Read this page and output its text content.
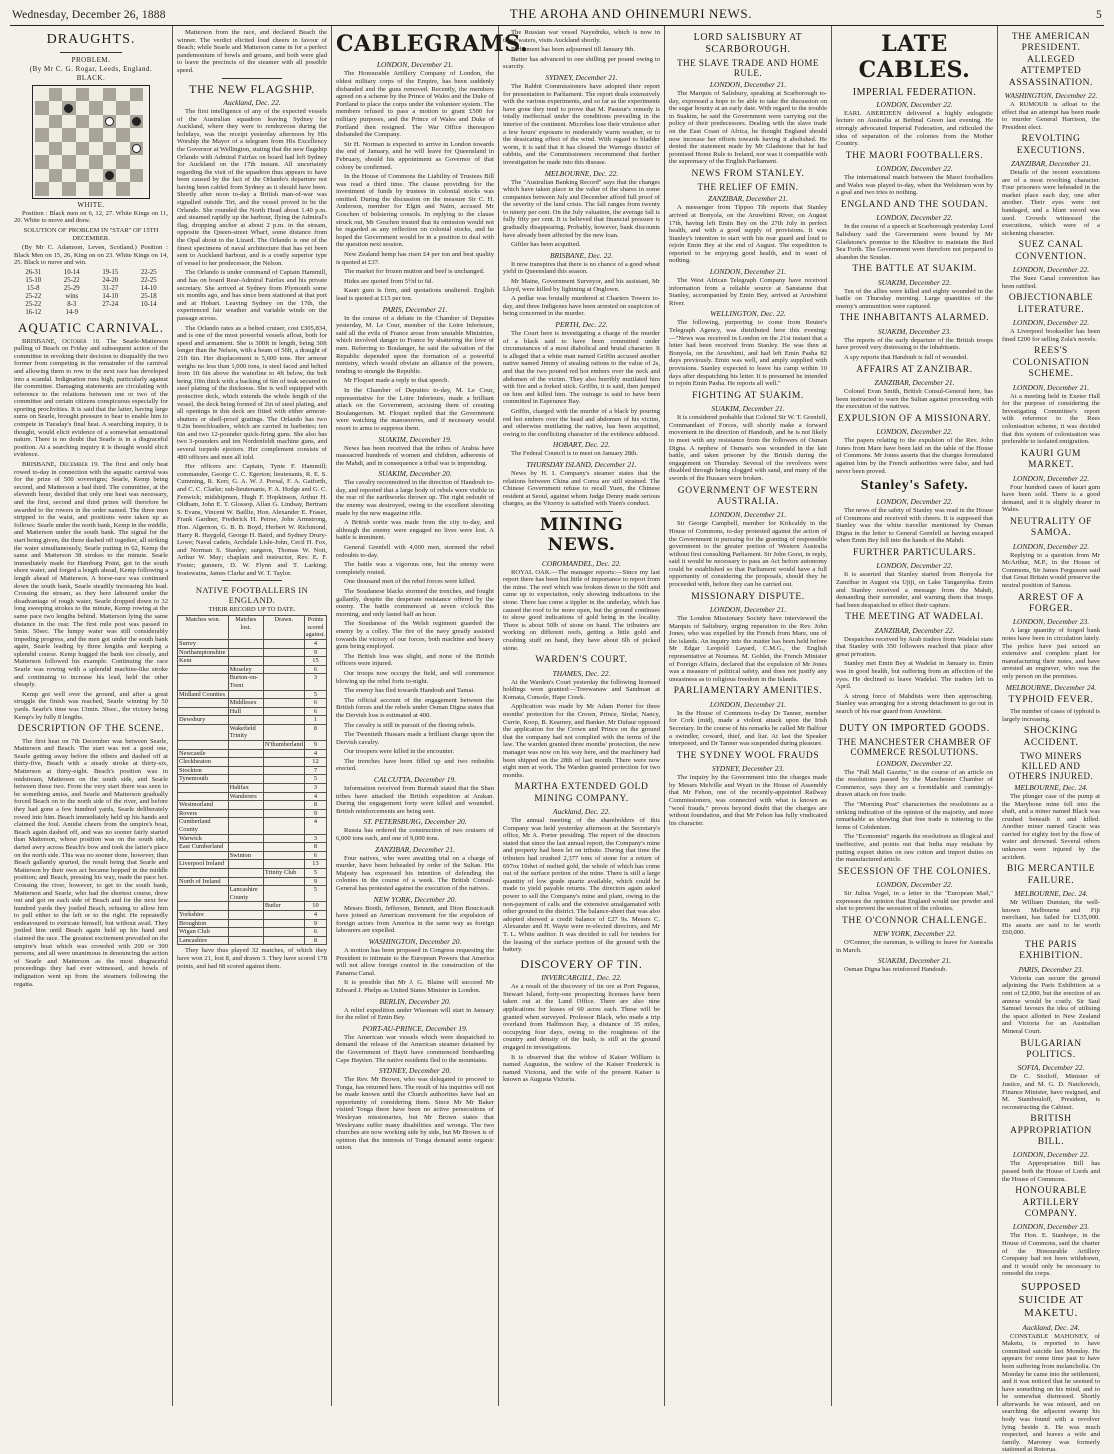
Wednesday, December 26, 1888	THE AROHA AND OHINEMURI NEWS.	5
DRAUGHTS.
PROBLEM.
(By Mr C. G. Rogar, Leeds, England.
BLACK.
WHITE.

Position : Black men on 6, 12, 27. White Kings on 11, 20. White to move and draw.

SOLUTION OF PROBLEM IN "STAR" OF 15TH DECEMBER.

(By Mr C. Adamson, Leven, Scotland.) Position : Black Men on 15, 26, King on on 23. White Kings on 14, 25. Black to move and win.

26-31	10-14	19-15	22-25
15-10	25-22	24-20	22-25
15-8	25-29	31-27	14-10
25-22	wins	14-10	25-18
25-22	8-3	27-24	10-14
16-12	14-9
AQUATIC CARNIVAL.

BRISBANE, October 10. The Searle-Matterson pulling of Beach on Friday and subsequent action of the committee in revoking their decision to disqualify the two former from competing in the remainder of the carnival and allowing them to row in the next race has developed into a scandal. Indignation runs high, particularly against the committee. Damaging statements are circulating with reference to the relations between one or two of the committee and certain citizens conspicuous especially for sporting proclivities. It is said that the latter, having large sums on Searle, brought pressure to bear to enable him to compete in Tuesday's final heat. A searching inquiry, it is thought, would elicit evidence of a somewhat sensational nature. There is no doubt that Searle is in a disgraceful position. At a searching inquiry it is thought would elicit evidence.

BRISBANE, December 19. The first and only heat rowed to-day in connection with the aquatic carnival was for the prize of 500 sovereigns; Searle, Kemp being second, and Matterson a bad third. The committee, at the eleventh hour, decided that only one heat was necessary, and the first, second and third prizes will therefore be awarded to the rowers in the order named. The three men stripped to the waist, and positions were taken up as follows: Searle under the north bank, Kemp in the middle, and Matterson under the south bank. The signal for the start being given, the three dashed off together, all striking the water simultaneously, Searle putting in 62, Kemp the same and Matterson 38 strokes to the minute. Searle immediately made for Hamburg Point, got in the south shore water, and forged a length ahead, Kemp following a length ahead of Matterson. A horse-race was continued down the south bank, Searle steadily increasing his lead. Crossing the stream, as they here laboured under the disadvantage of rough water, Searle dropped down to 32 long sweeping strokes to the minute, Kemp rowing at the same pace two lengths behind. Matterson lying the same distance in the rear. The first mile post was passed in 5min. 50sec. The lumpy water was still considerably impeding progress, and the men got under the south bank again, Searle leading by three lengths and keeping a splendid course. Kemp hugged the bank too closely, and Matterson followed his example. Continuing the race Searle was rowing with a splendid machine-like stroke and continuing to increase his lead, held the other cheaply.

Kemp got well over the ground, and after a great struggle the finish was reached, Searle winning by 50 yards. Searle's time was 13min. 30sec., the victory being Kemp's by fully 8 lengths.

DESCRIPTION OF THE SCENE.

The first heat on 7th December was between Searle, Matterson and Beach. The start was not a good one, Searle getting away before the others and dashed off at thirty-five, Beach with a steady stroke at thirty-six, Matterson at thirty-eight. Beach's position was in midstream, Matterson on the south side, and Searle between these two. From the very start there was seen to be something amiss, and Searle and Matterson gradually forced Beach on to the north side of the river, and before they had gone a few hundred yards, Searle deliberately rowed into him. Beach immediately held up his hands and claimed the foul. Amidst cheers from the umpire's boat, Beach again dashed off, and was no sooner fairly started than Matterson, whose position was on the south side, darted awry across Beach's bow and took the latter's place on the north side. This was no sooner done, however, than Beach gallantly spurted, the result being that Searle and Matterson by their own act became hopped in the middle position; and Beach, pressing his way, made the pace hot. Crossing the river, however, to get to the south bank, Matterson and Searle, who had the shortest course, drew out and got on each side of Beach and for the next few hundred yards they jostled Beach, refusing to allow him to pull either to the left or to the right. He repeatedly endeavoured to extricate himself, but without avail. They jostled him until Beach again held up his hand and claimed the race. The greatest excitement prevailed on the umpire's boat which was crowded with 200 or 300 persons, and all were unanimous in denouncing the action of Searle and Matterson as the most disgraceful proceedings they had ever witnessed, and howls of indignation went up from the steamers following the regatta.

Matterson from the race, and declared Beach the winner. The verdict elicited loud cheers in favour of Beach; while Searle and Matterson came in for a perfect pandemonium of howls and groans, and both were glad to leave the precincts of the steamer with all possible speed.

THE NEW FLAGSHIP.
Auckland, Dec. 22.

The first intelligence of any of the expected vessels of the Australian squadron leaving Sydney for Auckland, where they were to rendezvous during the holidays, was the receipt yesterday afternoon by His Worship the Mayor of a telegram from His Excellency the Governor at Wellington, stating that the new flagship Orlando with Admiral Fairfax on board had left Sydney for Auckland on the 17th instant. All uncertainty regarding the visit of the squadron thus appears to have been caused by the fact of the Orlando's departure not having been cabled from Sydney as it should have been. Shortly after noon to-day a British man-of-war was signalled outside Tiri, and the vessel proved to be the Orlando. She rounded the North Head about 1.40 p.m. and steamed rapidly up the harbour, flying the Admiral's flag, dropping anchor at about 2 p.m. in the stream, opposite the Queen-street Wharf, some distance from the Opal about to the Lizard. The Orlando is one of the finest specimens of naval architecture that has yet been sent to Auckland harbour, and is a costly superior type of vessel to her predecessor, the Nelson.

The Orlando is under command of Captain Hammill, and has on board Rear-Admiral Fairfax and his private secretary. She arrived at Sydney from Plymouth some six months ago, and has since been stationed at that port and at Hobart. Leaving Sydney on the 17th, the experienced fair weather and variable winds on the passage across.

The Orlando rates as a belted cruiser, cost £305,834, and is one of the most powerful vessels afloat, both for speed and armament. She is 300ft in length, being 30ft longer than the Nelson, with a beam of 56ft, a draught of 21ft 6in. Her displacement is 5,600 tons. Her armour weighs no less than 1,000 tons, is steel faced and belted from 1ft 6in above the waterline to 4ft below, the belt being 10in thick with a backing of 6in of teak secured in steel plating of the thickness. She is well equipped with protective deck, which extends the whole length of the vessel, the deck being formed of 2in of steel plating, and all openings in this deck are fitted with either armour-shutters or shell-proof gratings. The Orlando has two 9.2in breechloaders, which are carried in barbettes; ten 6in and two 12-pounder quick-firing guns. She also has two 3-pounders and ten Nordenfeldt machine guns, and several torpedo ejectors. Her complement consists of 480 officers and men all told.

Her officers are: Captain, Tynte F. Hammill; commander, George C. C. Egerton; lieutenants, R. E. S. Cumming, R. Kerr, G. A. W. J. Porsal, F. A. Gatforth, and C. C. Clarke; sub-lieutenants, F. A. Hodge and G. C. Fenwick; midshipmen, Hugh F. Hopkinson, Arthur H. Oldham, John E. T. Glossop, Allan G. Lindsay, Bertram S. Evans, Vincent W. Baillie, Hon. Alexander E. Fraser, Frank Gardner, Frederick H. Peirse, John Armstrong, Hon. Algernon, G. B. B. Boyd, Herbert W. Richmond, Harry R. Haygold, George H. Baird, and Sydney Drury-Lowe; Naval cadets, Archdale Lisle-John, Cecil H. Fox, and Norman S. Stanley; surgeon, Thomas W. Nott, Arthur W. May; chaplain and instructor, Rev. E. F. Foster; gunners, D. W. Flynn and T. Larking; boatswains, James Clarke and W. T. Taylor.

NATIVE FOOTBALLERS IN ENGLAND.
THEIR RECORD UP TO DATE.
Matches won.	Matches lost.	Drawn.	Points scored against.
Surrey			4
Northamptonshire			9
Kent			15
	Moseley		6
	Burton-on-Trent		3
Midland Counties			5
	Middlesex		6
	Hull		6
Dewsbury			1
	Wakefield Trinity		8
		N'thumberland	9
Newcastle			4
Cleckheaton			12
Stockton			7
Tynemouth			5
	Halifax		3
	Wanderers		4
Westmorland			8
Rovers			9
Cumberland County			4
Warwick			3
East Cumberland			8
	Swinton		6
Liverpool Ireland			13
		Trinity Club	5
North of Ireland			9
	Lancashire County		5
		Butler	10
Yorkshire			4
Broughton			9
Wigan Club			6
Lancashire			8

They have thus played 32 matches, of which they have won 21, lost 8, and drawn 3. They have scored 178 points, and had 68 scored against them.

CABLEGRAMS.
LONDON, December 21.

The Honourable Artillery Company of London, the oldest military corps of the Empire, has been suddenly disbanded and the guns removed. Recently, the members agreed on a scheme by the Prince of Wales and the Duke of Portland to place the corps under the volunteer system. The members refused to pass a motion to grant £500 for military purposes, and the Prince of Wales and Duke of Portland then resigned. The War Office thereupon disbanded the Company.

Sir H. Norman is expected to arrive in London towards the end of January, and he will leave for Queensland in February, should his appointment as Governor of that colony be confirmed.

In the House of Commons the Liability of Trustees Bill was read a third time. The clause providing for the investment of funds by trustees in colonial stocks was omitted. During the discussion on the measure Sir C. H. Anderson, member for Elgin and Nairn, accused Mr Goschen of bolstering consols. In replying to the clause struck out, Mr Goschen trusted that its omission would not be regarded as any reflection on colonial stocks, and he hoped the Government would be in a position to deal with the question next session.

New Zealand hemp has risen £4 per ton and best quality is quoted at £37.

The market for frozen mutton and beef is unchanged.

Hides are quoted from 5½d to 6d.

Kauri gum is firm, and quotations unaltered. English lead is quoted at £15 per ton.

PARIS, December 21.

In the course of a debate in the Chamber of Deputies yesterday, M. Le Cour, member of the Loire Inferieure, said all the evils of France arose from unstable Ministries, which involved danger to France by shattering the love of men. Referring to Boulanger, he said the salvation of the Republic depended upon the formation of a powerful ministry, which would obviate an alliance of the powers, tending to strangle the Republic.

Mr Floquet made a reply to that speech.

In the Chamber of Deputies to-day, M. Le Cour, representative for the Loire Inferieure, made a brilliant attack on the Government, accusing them of creating Boulangerism. M. Floquet replied that the Government were watching the manoeuvres, and if necessary would resort to arms to suppress them.

SUAKIM, December 19.

News has been received that the tribes of Arabia have massacred hundreds of women and children, adherents of the Mahdi, and in consequence a tribal war is impending.

SUAKIM, December 20.

The cavalry reconnoitred in the direction of Handoub to-day, and reported that a large body of rebels were visible in the rear of the earthworks thrown up. The right redoubt of the enemy was destroyed, owing to the excellent shooting made by the new magazine rifle.

A British sortie was made from the city to-day, and although the enemy were engaged no lives were lost. A battle is imminent.

General Grenfell with 4,000 men, stormed the rebel redoubts to-day.

The battle was a vigorous one, but the enemy were completely routed.

One thousand men of the rebel forces were killed.

The Soudanese blacks stormed the trenches, and fought gallantly, despite the desperate resistance offered by the enemy. The battle commenced at seven o'clock this morning, and only lasted half an hour.

The Soudanese of the Welsh regiment guarded the enemy by a colley. The fire of the navy greatly assisted towards the victory of our forces, both machine and heavy guns being employed.

The British loss was slight, and none of the British officers were injured.

Our troops now occupy the field, and will commence blowing up the rebel forts to-night.

The enemy has fled towards Handoub and Tamai.

The official account of the engagement between the British forces and the rebels under Osman Digna states that the Dervish loss is estimated at 400.

The cavalry is still in pursuit of the fleeing rebels.

The Twentieth Hussars made a brilliant charge upon the Dervish cavalry.

Our troopers were killed in the encounter.

The trenches have been filled up and two redoubts erected.

CALCUTTA, December 19.

Information received from Burmah stated that the Shan tribes have attacked the British expedition at Arakan. During the engagement forty were killed and wounded. British reinforcements are being sent.

ST. PETERSBURG, December 20.

Russia has ordered the construction of two cruisers of 6,000 tons each, and one of 9,000 tons.

ZANZIBAR, December 21.

Four natives, who were awaiting trial on a charge of murder, have been beheaded by order of the Sultan. His Majesty has expressed his intention of defending the colonies in the course of a week. The British Consul-General has protested against the execution of the natives.

NEW YORK, December 20.

Messrs Booth, Jefferson, Bennett, and Dion Boucicault have joined an American movement for the expulsion of foreign actors from America in the same way as foreign labourers are expelled.

WASHINGTON, December 20.

A motion has been proposed in Congress requesting the President to intimate to the European Powers that America will not allow foreign control in the construction of the Panama Canal.

It is possible that Mr J. G. Blaine will succeed Mr Edward J. Phelps as United States Minister in London.

BERLIN, December 20.

A relief expedition under Wissman will start in January for the relief of Emin Bey.

PORT-AU-PRINCE, December 19.

The American war vessels which were despatched to demand the release of the American steamer detained by the Government of Hayti have commenced bombarding Cape Haytien. The native residents fled to the mountains.

SYDNEY, December 20.

The Rev. Mr Brown, who was delegated to proceed to Tonga, has returned here. The result of his inquiries will not be made known until the Church authorities have had an opportunity of considering them. Since Mr Mr Baker visited Tonga there have been no active persecutions of Wesleyan missionaries, but Mr Brown states that Wesleyans suffer many disabilities and wrongs. The two churches are now working side by side, but Mr Brown is of opinion that the interests of Tonga demand some organic union.

The Russian war vessel Nayedniks, which is now in these waters, visits Auckland shortly.

Parliament has been adjourned till January 8th.

Butter has advanced to one shilling per pound owing to scarcity.

SYDNEY, December 21.

The Rabbit Commissioners have adopted their report for presentation to Parliament. The report deals extensively with the various experiments, and so far as the experiments have gone they tend to prove that M. Pasteur's remedy is totally ineffectual under the conditions prevailing in the interior of the continent. Microbes lose their virulence after a few hours' exposure to moderately warm weather, or to the dessicating effect of the wind. With regard to bladder worm, it is said that it has cleared the Warrego district of rabbits, and the Commissioners recommend that further investigation be made into this disease.

MELBOURNE, Dec. 22.

The "Australian Banking Record" says that the changes which have taken place in the value of the shares in some companies between July and December afford full proof of the severity of the land crisis. The fall ranges from twenty to ninety per cent. On the July valuation, the average fall is fully fifty per cent. It is believed that financial pressure is gradually disappearing. Probably, however, bank discounts have already been affected by the new loan.

Giftler has been acquitted.

BRISBANE, Dec. 22.

It now transpires that there is no chance of a good wheat yield in Queensland this season.

Mr Maine, Government Surveyor, and his assistant, Mr Lloyd, were killed by lightning at Onglown.

A pedlar was brutally murdered at Charters Towers to-day, and three Indigenes have been arrested on suspicion of being concerned in the murder.

PERTH, Dec. 22.

The Court here is investigating a charge of the murder of a black said to have been committed under circumstances of a most diabolical and brutal character. It is alleged that a white man named Griffin accused another native named Jimmy of stealing rations to the value of 2s, and that the two poured red hot embers over the neck and abdomen of the victim. They also horribly mutilated him with fire and a forked stick. Griffin, it is said, then jumped on him and killed him. The outrage is said to have been committed in Esperance Bay.

Griffin, charged with the murder of a black by pouring red hot embers over the head and abdomen of his victim, and otherwise mutilating the native, has been acquitted, owing to the conflicting character of the evidence adduced.

HOBART, Dec. 22.

The Federal Council is to meet on January 28th.

THURSDAY ISLAND, December 21.

News by H. I. Company's steamer states that the relations between China and Corea are still strained. The Chinese Government refuse to recall Yuen, the Chinese resident at Seoul, against whom Judge Denny made serious charges, as the Viceroy is satisfied with Yuen's conduct.

MINING NEWS.
COROMANDEL, Dec. 22.

ROYAL OAK.—The manager reports:—Since my last report there has been but little of importance to report from the mine. The reef which was broken down to the 60ft and came up to expectation, only showing indications in the stone. There has come a tippler in the underlay, which has caused the roof to be more open, but the ground continues to show good indications of gold being in the locality. There is about 50lb of stone on hand. The tributers are working on different reefs, getting a little gold and crushing stuff on hand, they have about 6lb of picked stone.

WARDEN'S COURT.
THAMES, Dec. 22.

At the Warden's Court yesterday the following licensed holdings were granted:—Treewanaw and Sandman at Komata, Console, Hape Creek.

Application was made by Mr Adam Porter for three months' protection for the Crown, Prince, Sirdar, Nancy, Currie, Koop, B. Kearney, and Banker. Mr Dufaur opposed the application for the Crown and Prince on the ground that the company had not complied with the terms of the law. The warden granted three months' protection, the new manager was now on his way here, and the machinery had been shipped on the 28th of last month. There were now eight men at work. The Warden granted protection for two months.

MARTHA EXTENDED GOLD MINING COMPANY.
Auckland, Dec. 22.

The annual meeting of the shareholders of this Company was held yesterday afternoon at the Secretary's office, Mr A. Porter presiding. The report of the directors stated that since the last annual report, the Company's mine and property had been let on tribute. During that time the tributers had crushed 2,377 tons of stone for a return of 697oz 10dwt of melted gold, the whole of which has come out of the surface portion of the mine. There is still a large quantity of low grade quartz available, which could be made to yield payable returns. The directors again asked power to sell the Company's mine and plant, owing to the non-payment of calls and the extensive amalgamated with other ground in the district. The balance-sheet that was also adopted showed a credit balance of £27 9s. Messrs C. Alexander and H. Wayte were re-elected directors, and Mr T. L. White auditor. It was decided to call for tenders for the leasing of the surface portion of the ground with the battery.

DISCOVERY OF TIN.
INVERCARGILL, Dec. 22.

As a result of the discovery of tin ore at Port Pegasus, Stewart Island, forty-one prospecting licenses have been taken out at the Land Office. There are also nine applications for leases of 60 acres each. These will be granted when surveyed. Professor Black, who made a trip overland from Halfmoon Bay, a distance of 35 miles, occupying four days, owing to the roughness of the country and density of the bush, is still at the ground engaged in investigations.

It is observed that the widow of Kaiser William is named Augustus, the widow of the Kaiser Frederick is named Victoria, and the wife of the present Kaiser is known as Augusta Victoria.

LORD SALISBURY AT SCARBOROUGH.
THE SLAVE TRADE AND HOME RULE.
LONDON, December 21.

The Marquis of Salisbury, speaking at Scarborough to-day, expressed a hope to be able to take the discussion on the sugar bounty at an early date. With regard to the trouble in Suakim, he said the Government were carrying out the policy of their predecessors. Dealing with the slave trade on the East Coast of Africa, he thought England should now increase her efforts towards having it abolished. He denied the statement made by Mr Gladstone that he had promised Home Rule to Ireland, nor was it compatible with the supremacy of the English Parliament.

NEWS FROM STANLEY.
THE RELIEF OF EMIN.
ZANZIBAR, December 21.

A messenger from Tippoo Tib reports that Stanley arrived at Bonyola, on the Aruwhimi River, on August 17th, having left Emin Bey on the 27th July in perfect health, and with a good supply of provisions. It was Stanley's intention to start with his rear guard and loud to rejoin Emin Bey at the end of August. The expedition is reported to be enjoying good health, and in want of nothing.

LONDON, December 21.

The West African Telegraph Company have received information from a reliable source at Sanstanne that Stanley, accompanied by Emin Bey, arrived at Aruwhimi River.

WELLINGTON, Dec. 22.

The following, purporting to come from Reuter's Telegraph Agency, was distributed here this evening:—"News was received in London on the 21st instant that a letter had been received from Stanley. He was then at Bonyola, on the Aruwhimi, and had left Emin Pasha 82 days previously. Emin was well, and amply supplied with provisions. Stanley expected to leave his camp within 10 days after despatching his letter. It is presumed he intended to rejoin Emin Pasha. He reports all well."

FIGHTING AT SUAKIM.
SUAKIM, December 21.

It is considered probable that Colonel Sir W. T. Grenfell, Commandant of Forces, will shortly make a forward movement in the direction of Handoub, and he is not likely to meet with any resistance from the followers of Osman Digna. A nephew of Osman's was wounded in the late battle, and taken prisoner by the British during the engagement on Thursday. Several of the revolvers were disabled through being clogged with sand, and many of the swords of the Hussars were broken.

GOVERNMENT OF WESTERN AUSTRALIA.
LONDON, December 21.

Sir George Campbell, member for Kirkcaldy in the House of Commons, to-day protested against the action of the Government in pursuing for the granting of responsible government to the greater portion of Western Australia without first consulting Parliament. Sir John Gorst, in reply, said it would be necessary to pass an Act before autonomy could be established so that Parliament would have a full opportunity of considering the proposals, should they be proceeded with, before they can be carried out.

MISSIONARY DISPUTE.
LONDON, December 21.

The London Missionary Society have interviewed the Marquis of Salisbury, urging reparation to the Rev. John Jones, who was expelled by the French from Mare, one of the islands. An inquiry into the matter has been held before Mr Edgar Leopold Layard, C.M.G., the English representative at Noumea. M. Goblet, the French Minister of Foreign Affairs, declared that the expulsion of Mr Jones was a measure of political safety, and does not justify any uneasiness as to religious freedom in the Islands.

PARLIAMENTARY AMENITIES.
LONDON, December 21.

In the House of Commons to-day Dr Tanner, member for Cork (mid), made a violent attack upon the Irish Secretary. In the course of his remarks he called Mr Balfour a swindler, coward, thief, and liar. At last the Speaker interposed, and Dr Tanner was suspended during pleasure.

THE SYDNEY WOOL FRAUDS
SYDNEY, December 23.

The inquiry by the Government into the charges made by Messrs Melville and Wyatt in the House of Assembly that Mr Fehon, one of the recently-appointed Railway Commissioners, was connected with what is known as "wool frauds," proves beyond doubt that the charges are without foundation, and that Mr Fehon has fully vindicated his character.

LATE CABLES.
IMPERIAL FEDERATION.
LONDON, December 22.

EARL ABERDEEN delivered a highly eulogistic lecture on Australia at Bethnal Green last evening. He strongly advocated Imperial Federation, and ridiculed the idea of separation of the colonies from the Mother Country.

THE MAORI FOOTBALLERS.
LONDON, December 22.

The international match between the Maori footballers and Wales was played to-day, when the Welshmen won by a goal and two tries to nothing.

ENGLAND AND THE SOUDAN.
LONDON, December 22.

In the course of a speech at Scarborough yesterday Lord Salisbury said the Government were bound by Mr Gladstone's promise to the Khedive to maintain the Red Sea Forth. The Government were therefore not prepared to abandon the Soudan.

THE BATTLE AT SUAKIM.
SUAKIM, December 22.

Ten of the allies were killed and eighty wounded in the battle on Thursday morning. Large quantities of the enemy's ammunition were captured.

THE INHABITANTS ALARMED.
SUAKIM, December 23.

The reports of the early departure of the British troops have proved very distressing to the inhabitants.

A spy reports that Handoub is full of wounded.

AFFAIRS AT ZANZIBAR.
ZANZIBAR, December 21.

Colonel Evan Smith, British Consul-General here, has been instructed to warn the Sultan against proceeding with the execution of the natives.

EXPULSION OF A MISSIONARY.
LONDON, December 22.

The papers relating to the expulsion of the Rev. John Jones from Mare have been laid on the table of the House of Commons. Mr Jones asserts that the charges formulated against him by the French authorities were false, and had never been proved.

Stanley's Safety.
LONDON, December 22.

The news of the safety of Stanley was read in the House of Commons and received with cheers. It is supposed that Stanley was the white traveller mentioned by Osman Digna in the letter to General Grenfell as having escaped when Emin Bey fell into the hands of the Mahdi.

FURTHER PARTICULARS.
LONDON, December 22.

It is asserted that Stanley started from Bonyola for Zanzibar in August via Ujiji, on Lake Tanganyika. Emin and Stanley received a message from the Mahdi, demanding their surrender, and warning them that troops had been despatched to effect their capture.

THE MEETING AT WADELAI.
ZANZIBAR, December 22.

Despatches received by Arab traders from Wadelai state that Stanley with 350 followers reached that place after great privation.

Stanley met Emin Bey at Wadelai in January to. Emin was in good health, but suffering from an affection of the eyes. He declined to leave Wadelai. The traders left in April.

A strong force of Mahdists were then approaching. Stanley was arranging for a strong detachment to go out in search of his rear guard from Aruwhimi.

DUTY ON IMPORTED GOODS.
THE MANCHESTER CHAMBER OF COMMERCE RESOLUTIONS.
LONDON, December 22.

The "Pall Mall Gazette," in the course of an article on the resolutions passed by the Manchester Chamber of Commerce, says they are a formidable and cunningly-drawn attack on free trade.

The "Morning Post" characterises the resolutions as a striking indication of the opinion of the majority, and more remarkable as showing that free trade is tottering to the home of Cobdenism.

The "Economist" regards the resolutions as illogical and ineffective, and points out that India may retaliate by putting export duties on raw cotton and import duties on the manufactured article.

SECESSION OF THE COLONIES.
LONDON, December 22.

Sir Julius Vogel, in a letter to the "European Mail," expresses the opinion that England would use powder and shot to prevent the secession of the colonies.

THE O'CONNOR CHALLENGE.
NEW YORK, December 22.

O'Connor, the oarsman, is willing to leave for Australia in March.

SUAKIM, December 21.

Osman Digna has reinforced Handoub.

THE AMERICAN PRESIDENT. ALLEGED ATTEMPTED ASSASSINATION.
WASHINGTON, December 22.

A RUMOUR is afloat to the effect that an attempt has been made to murder General Harrison, the President elect.

REVOLTING EXECUTIONS.
ZANZIBAR, December 21.

Details of the recent executions are of a most revolting character. Four prisoners were beheaded in the market place each day, one after another. Their eyes were not bandaged, and a blunt sword was used. Crowds witnessed the executions, which were of a sickening character.

SUEZ CANAL CONVENTION.
LONDON, December 22.

The Suez Canal convention has been ratified.

OBJECTIONABLE LITERATURE.
LONDON, December 22.

A Liverpool bookseller has been fined £200 for selling Zola's novels.

REES'S COLONISATION SCHEME.
LONDON, December 21.

At a meeting held in Exeter Hall for the purpose of considering the Investigating Committee's report with reference to the Rees colonisation scheme, it was decided that this system of colonisation was preferable to isolated emigration.

KAURI GUM MARKET.
LONDON, December 22.

Four hundred cases of kauri gum have been sold. There is a good demand, and it is slightly dearer in Wales.

NEUTRALITY OF SAMOA.
LONDON, December 22.

Replying to a question from Mr McArthur, M.P., in the House of Commons, Sir James Fergusson said that Great Britain would preserve the neutral position of Samoa.

ARREST OF A FORGER.
LONDON, December 23.

A large quantity of forged bank notes have been in circulation lately. The police have just seized an extensive and complete plant for manufacturing their notes, and have arrested an engraver, who was the only person on the premises.

MELBOURNE, December 24.
TYPHOID FEVER.

The number of cases of typhoid is largely increasing.

SHOCKING ACCIDENT.
TWO MINERS KILLED AND OTHERS INJURED.
MELBOURNE, Dec. 24.

The plunger case of the pump at the Marybone mine fell into the shaft, and a miner named Black was crushed beneath it and killed. Another miner named Gracie was carried for eighty feet by the flow of water and drowned. Several others unknown were injured by the accident.

BIG MERCANTILE FAILURE.
MELBOURNE, Dec. 24.

Mr William Dunstan, the well-known Melbourne and Fiji merchant, has failed for £135,000. His assets are said to be worth £60,000.

THE PARIS EXHIBITION.
PARIS, December 23.

Victoria can secure the ground adjoining the Paris Exhibition at a rent of £2,000, but the erection of an annexe would be costly. Sir Saul Samuel favours the idea of utilising the space allotted to New Zealand and Victoria for an Australian Mineral Court.

BULGARIAN POLITICS.
SOFIA, December 22.

Dr C. Stoiloff, Minister of Justice, and M. G. D. Natchovich, Finance Minister, have resigned, and M. Stambouloff, President, is reconstructing the Cabinet.

BRITISH APPROPRIATION BILL.
LONDON, December 22.

The Appropriation Bill has passed both the House of Lords and the House of Commons.

HONOURABLE ARTILLERY COMPANY.
LONDON, December 23.

The Hon. E. Stanhope, in the House of Commons, said the charter of the Honourable Artillery Company had not been withdrawn, and it would only be necessary to remodel the corps.

SUPPOSED SUICIDE AT MAKETU.
Auckland, Dec. 24.

CONSTABLE MAHONEY, of Maketu, is reported to have committed suicide last Monday. He appears for some time past to have been suffering from melancholia. On Monday he came into the settlement, and it was noticed that he seemed to have something on his mind, and to be somewhat distressed. Shortly afterwards he was missed, and on searching the adjacent swamp his body was found with a revolver lying beside it. He was much respected, and leaves a wife and family. Maroney was formerly stationed at Rotorua.
